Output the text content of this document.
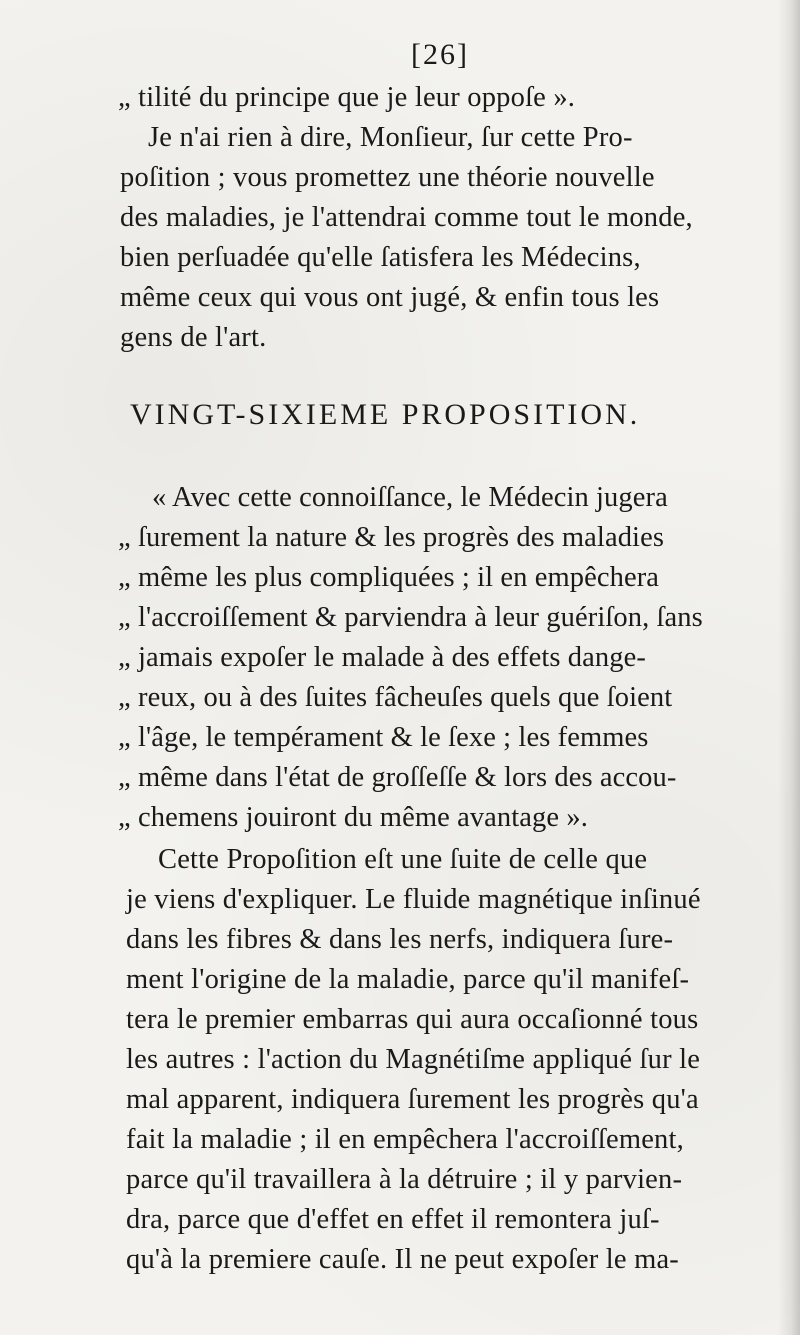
[26]
„ tilité du principe que je leur oppoſe ».
Je n'ai rien à dire, Monſieur, ſur cette Pro-
poſition ; vous promettez une théorie nouvelle
des maladies, je l'attendrai comme tout le monde,
bien perſuadée qu'elle ſatisfera les Médecins,
même ceux qui vous ont jugé, & enfin tous les
gens de l'art.
VINGT-SIXIEME PROPOSITION.
« Avec cette connoiſſance, le Médecin jugera
„ ſurement la nature & les progrès des maladies
„ même les plus compliquées ; il en empêchera
„ l'accroiſſement & parviendra à leur guériſon, ſans
„ jamais expoſer le malade à des effets dange-
„ reux, ou à des ſuites fâcheuſes quels que ſoient
„ l'âge, le tempérament & le ſexe ; les femmes
„ même dans l'état de groſſeſſe & lors des accou-
„ chemens jouiront du même avantage ».
Cette Propoſition eſt une ſuite de celle que
je viens d'expliquer. Le fluide magnétique inſinué
dans les fibres & dans les nerfs, indiquera ſure-
ment l'origine de la maladie, parce qu'il manifeſ-
tera le premier embarras qui aura occaſionné tous
les autres : l'action du Magnétiſme appliqué ſur le
mal apparent, indiquera ſurement les progrès qu'a
fait la maladie ; il en empêchera l'accroiſſement,
parce qu'il travaillera à la détruire ; il y parvien-
dra, parce que d'effet en effet il remontera juſ-
qu'à la premiere cauſe. Il ne peut expoſer le ma-
